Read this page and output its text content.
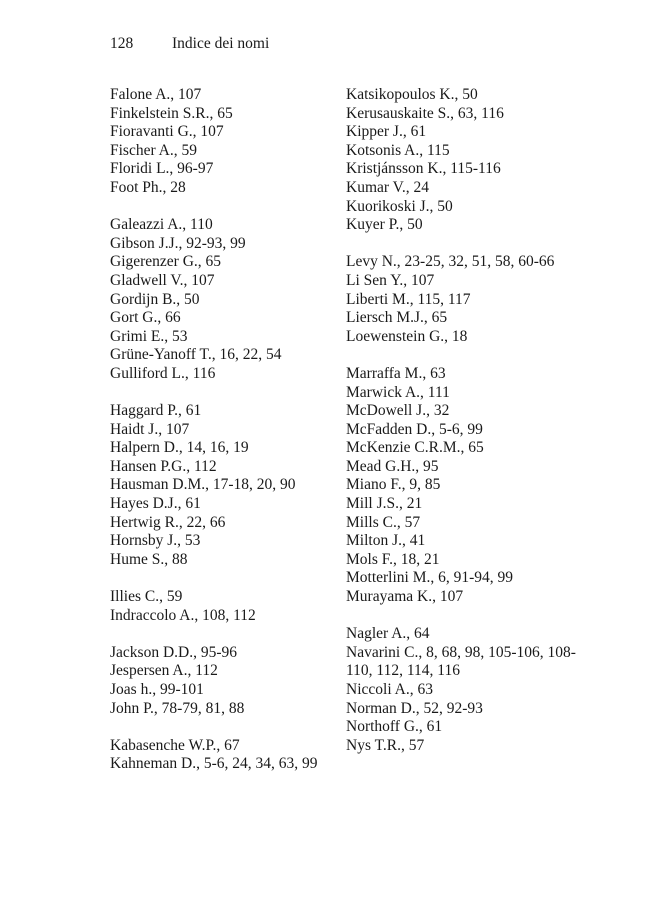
128	Indice dei nomi
Falone A., 107
Finkelstein S.R., 65
Fioravanti G., 107
Fischer A., 59
Floridi L., 96-97
Foot Ph., 28
Galeazzi A., 110
Gibson J.J., 92-93, 99
Gigerenzer G., 65
Gladwell V., 107
Gordijn B., 50
Gort G., 66
Grimi E., 53
Grüne-Yanoff T., 16, 22, 54
Gulliford L., 116
Haggard P., 61
Haidt J., 107
Halpern D., 14, 16, 19
Hansen P.G., 112
Hausman D.M., 17-18, 20, 90
Hayes D.J., 61
Hertwig R., 22, 66
Hornsby J., 53
Hume S., 88
Illies C., 59
Indraccolo A., 108, 112
Jackson D.D., 95-96
Jespersen A., 112
Joas h., 99-101
John P., 78-79, 81, 88
Kabasenche W.P., 67
Kahneman D., 5-6, 24, 34, 63, 99
Katsikopoulos K., 50
Kerusauskaite S., 63, 116
Kipper J., 61
Kotsonis A., 115
Kristjánsson K., 115-116
Kumar V., 24
Kuorikoski J., 50
Kuyer P., 50
Levy N., 23-25, 32, 51, 58, 60-66
Li Sen Y., 107
Liberti M., 115, 117
Liersch M.J., 65
Loewenstein G., 18
Marraffa M., 63
Marwick A., 111
McDowell J., 32
McFadden D., 5-6, 99
McKenzie C.R.M., 65
Mead G.H., 95
Miano F., 9, 85
Mill J.S., 21
Mills C., 57
Milton J., 41
Mols F., 18, 21
Motterlini M., 6, 91-94, 99
Murayama K., 107
Nagler A., 64
Navarini C., 8, 68, 98, 105-106, 108-110, 112, 114, 116
Niccoli A., 63
Norman D., 52, 92-93
Northoff G., 61
Nys T.R., 57
